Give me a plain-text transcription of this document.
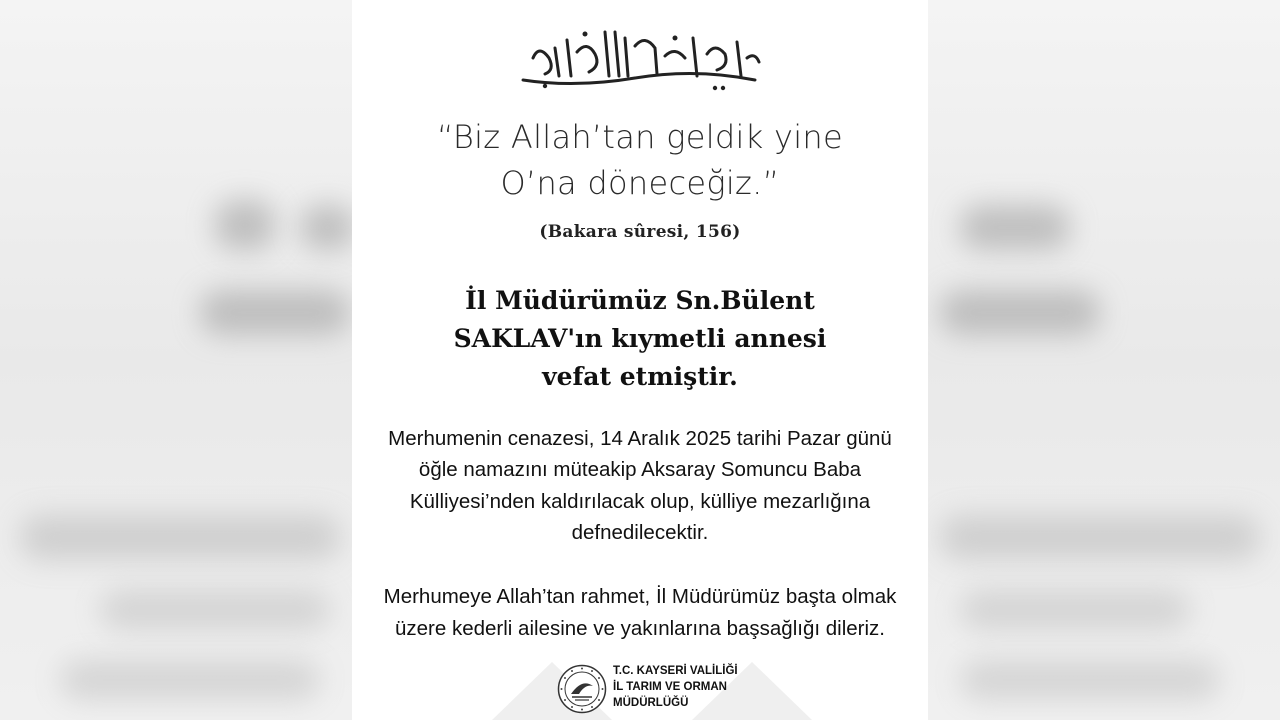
“Biz Allah’tan geldik yine
O’na döneceğiz.”
(Bakara sûresi, 156)
İl Müdürümüz Sn.Bülent
SAKLAV'ın kıymetli annesi
vefat etmiştir.
Merhumenin cenazesi, 14 Aralık 2025 tarihi Pazar günü
öğle namazını müteakip Aksaray Somuncu Baba
Külliyesi’nden kaldırılacak olup, külliye mezarlığına
defnedilecektir.
Merhumeye Allah’tan rahmet, İl Müdürümüz başta olmak
üzere kederli ailesine ve yakınlarına başsağlığı dileriz.
T.C. KAYSERİ VALİLİĞİ
İL TARIM VE ORMAN
MÜDÜRLÜĞÜ
